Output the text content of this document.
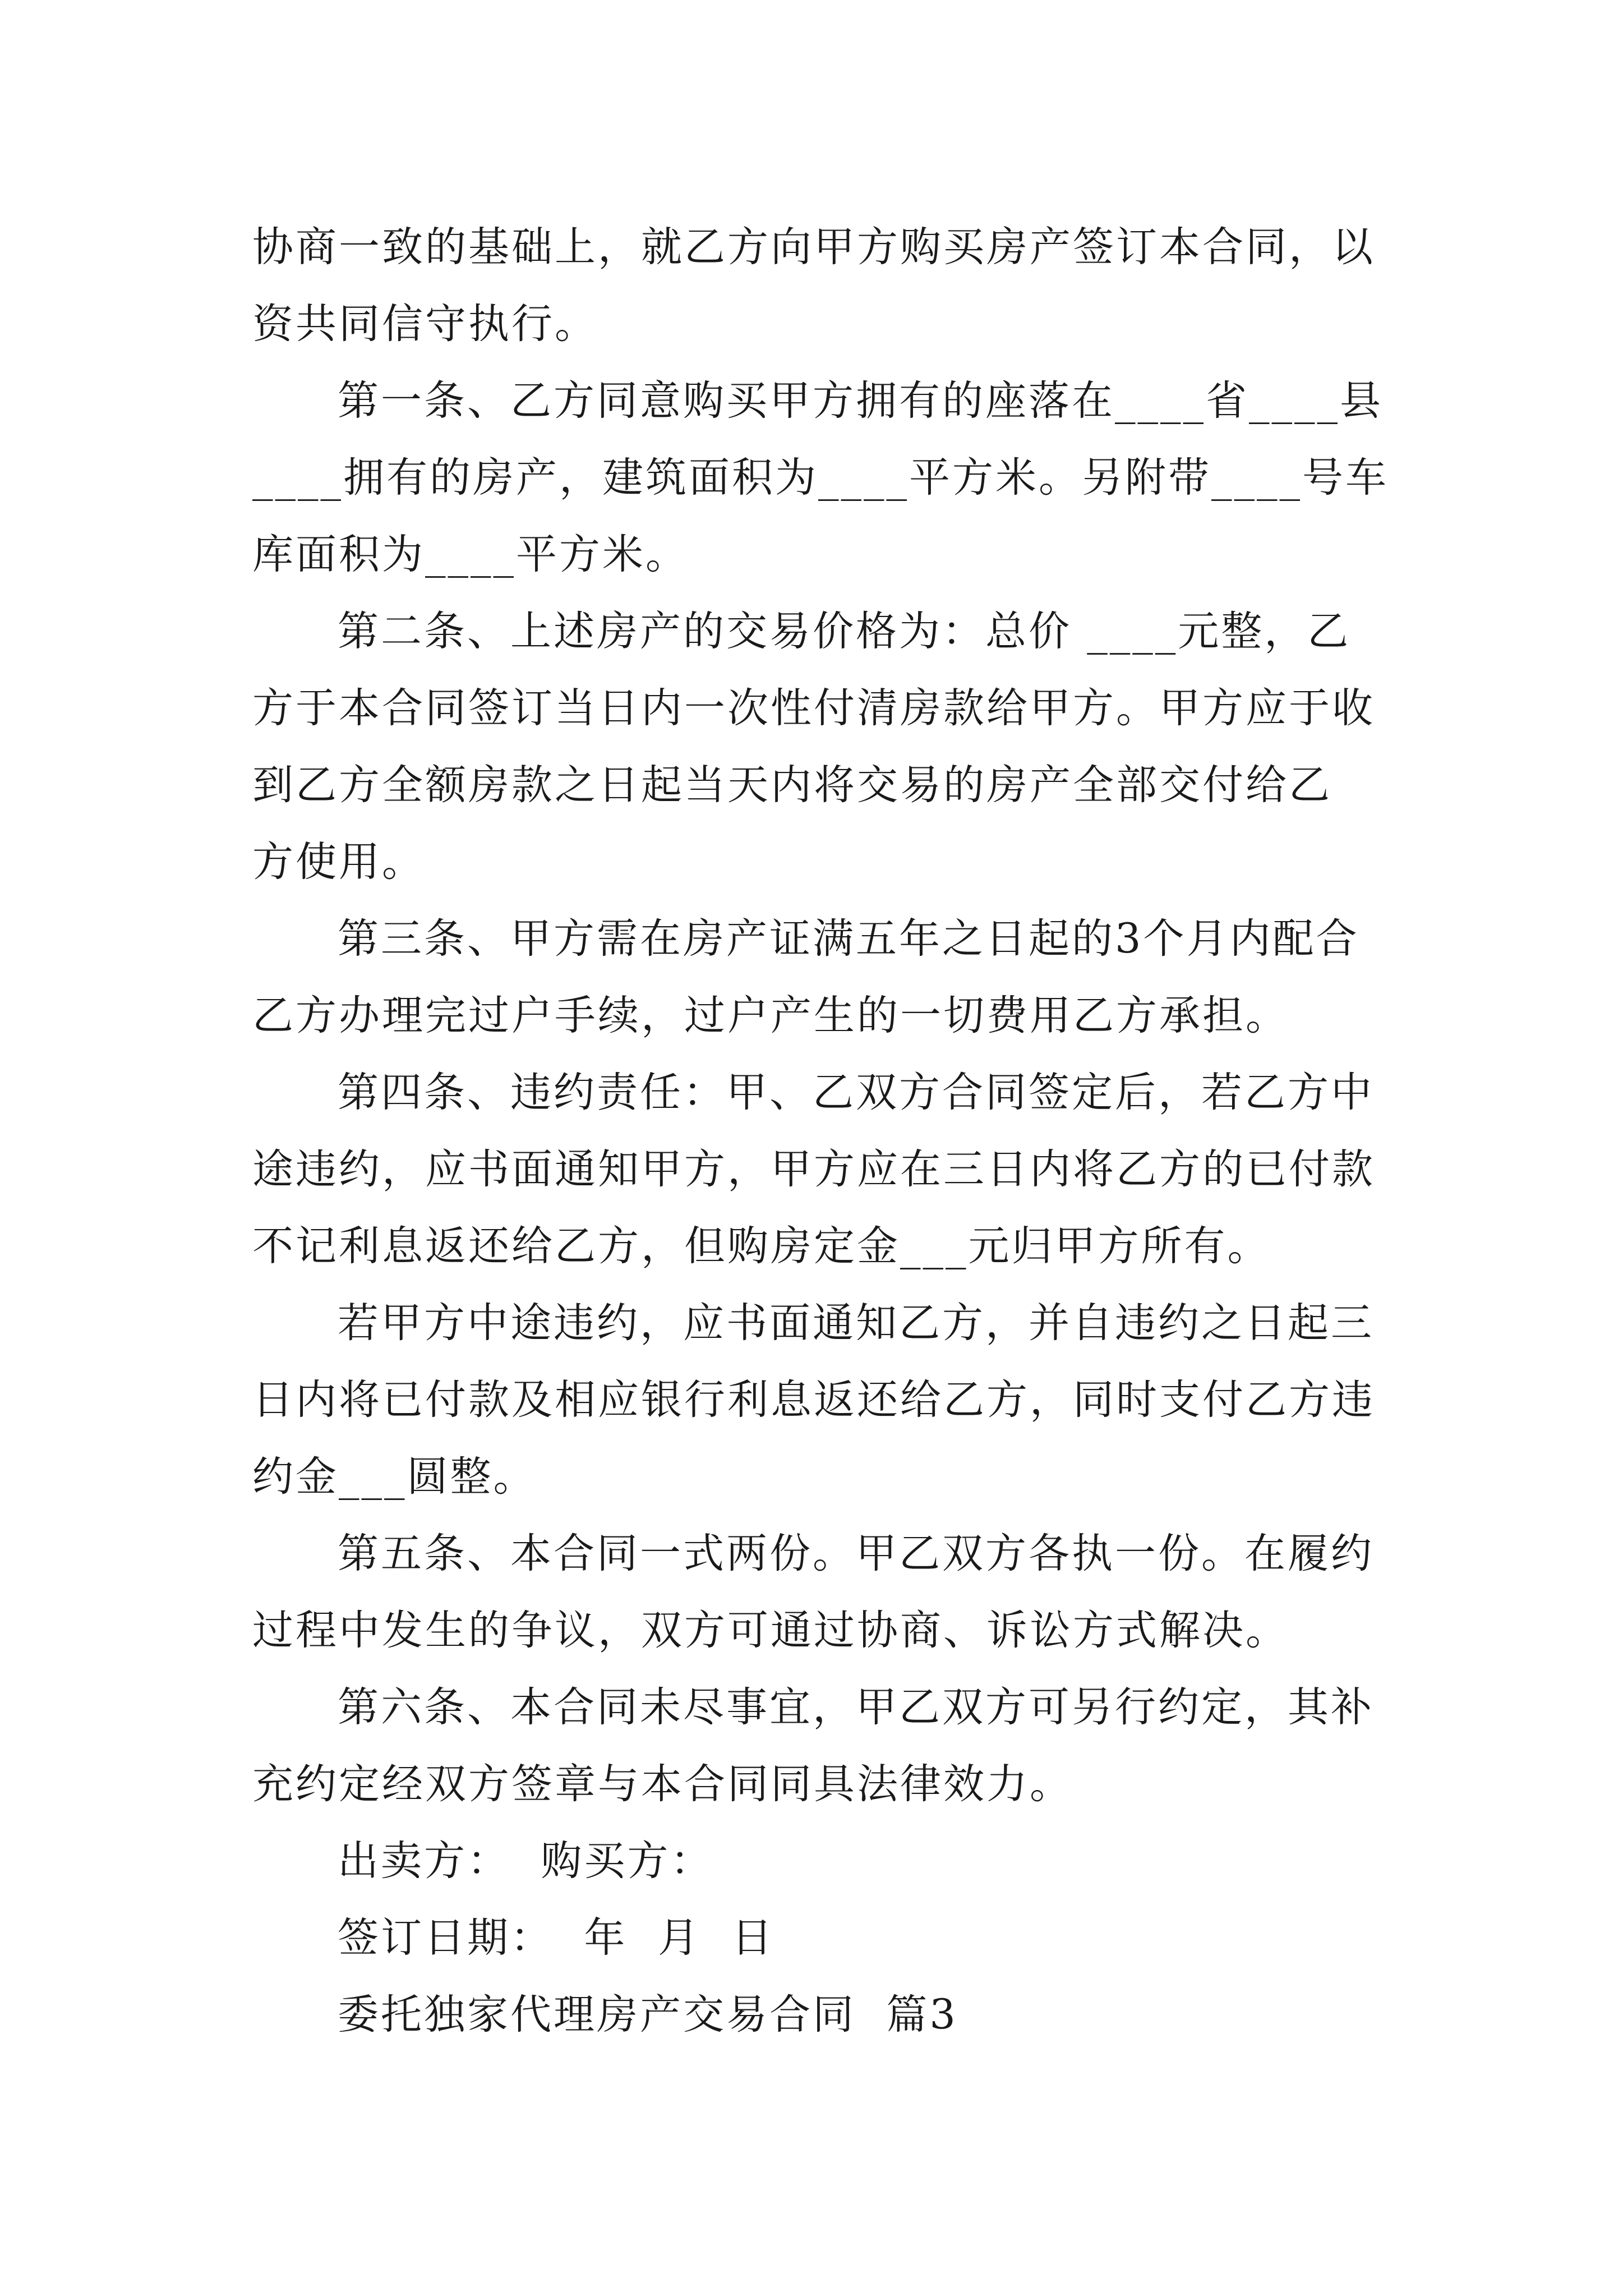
协商一致的基础上，就乙方向甲方购买房产签订本合同，以
资共同信守执行。

第一条、乙方同意购买甲方拥有的座落在____省____县
____拥有的房产，建筑面积为____平方米。另附带____号车
库面积为____平方米。

第二条、上述房产的交易价格为：总价 ____元整，乙
方于本合同签订当日内一次性付清房款给甲方。甲方应于收
到乙方全额房款之日起当天内将交易的房产全部交付给乙
方使用。

第三条、甲方需在房产证满五年之日起的3个月内配合
乙方办理完过户手续，过户产生的一切费用乙方承担。

第四条、违约责任：甲、乙双方合同签定后，若乙方中
途违约，应书面通知甲方，甲方应在三日内将乙方的已付款
不记利息返还给乙方，但购房定金___元归甲方所有。

若甲方中途违约，应书面通知乙方，并自违约之日起三
日内将已付款及相应银行利息返还给乙方，同时支付乙方违
约金___圆整。

第五条、本合同一式两份。甲乙双方各执一份。在履约
过程中发生的争议，双方可通过协商、诉讼方式解决。

第六条、本合同未尽事宜，甲乙双方可另行约定，其补
充约定经双方签章与本合同同具法律效力。

出卖方：  购买方：

签订日期：  年  月  日

委托独家代理房产交易合同  篇3
